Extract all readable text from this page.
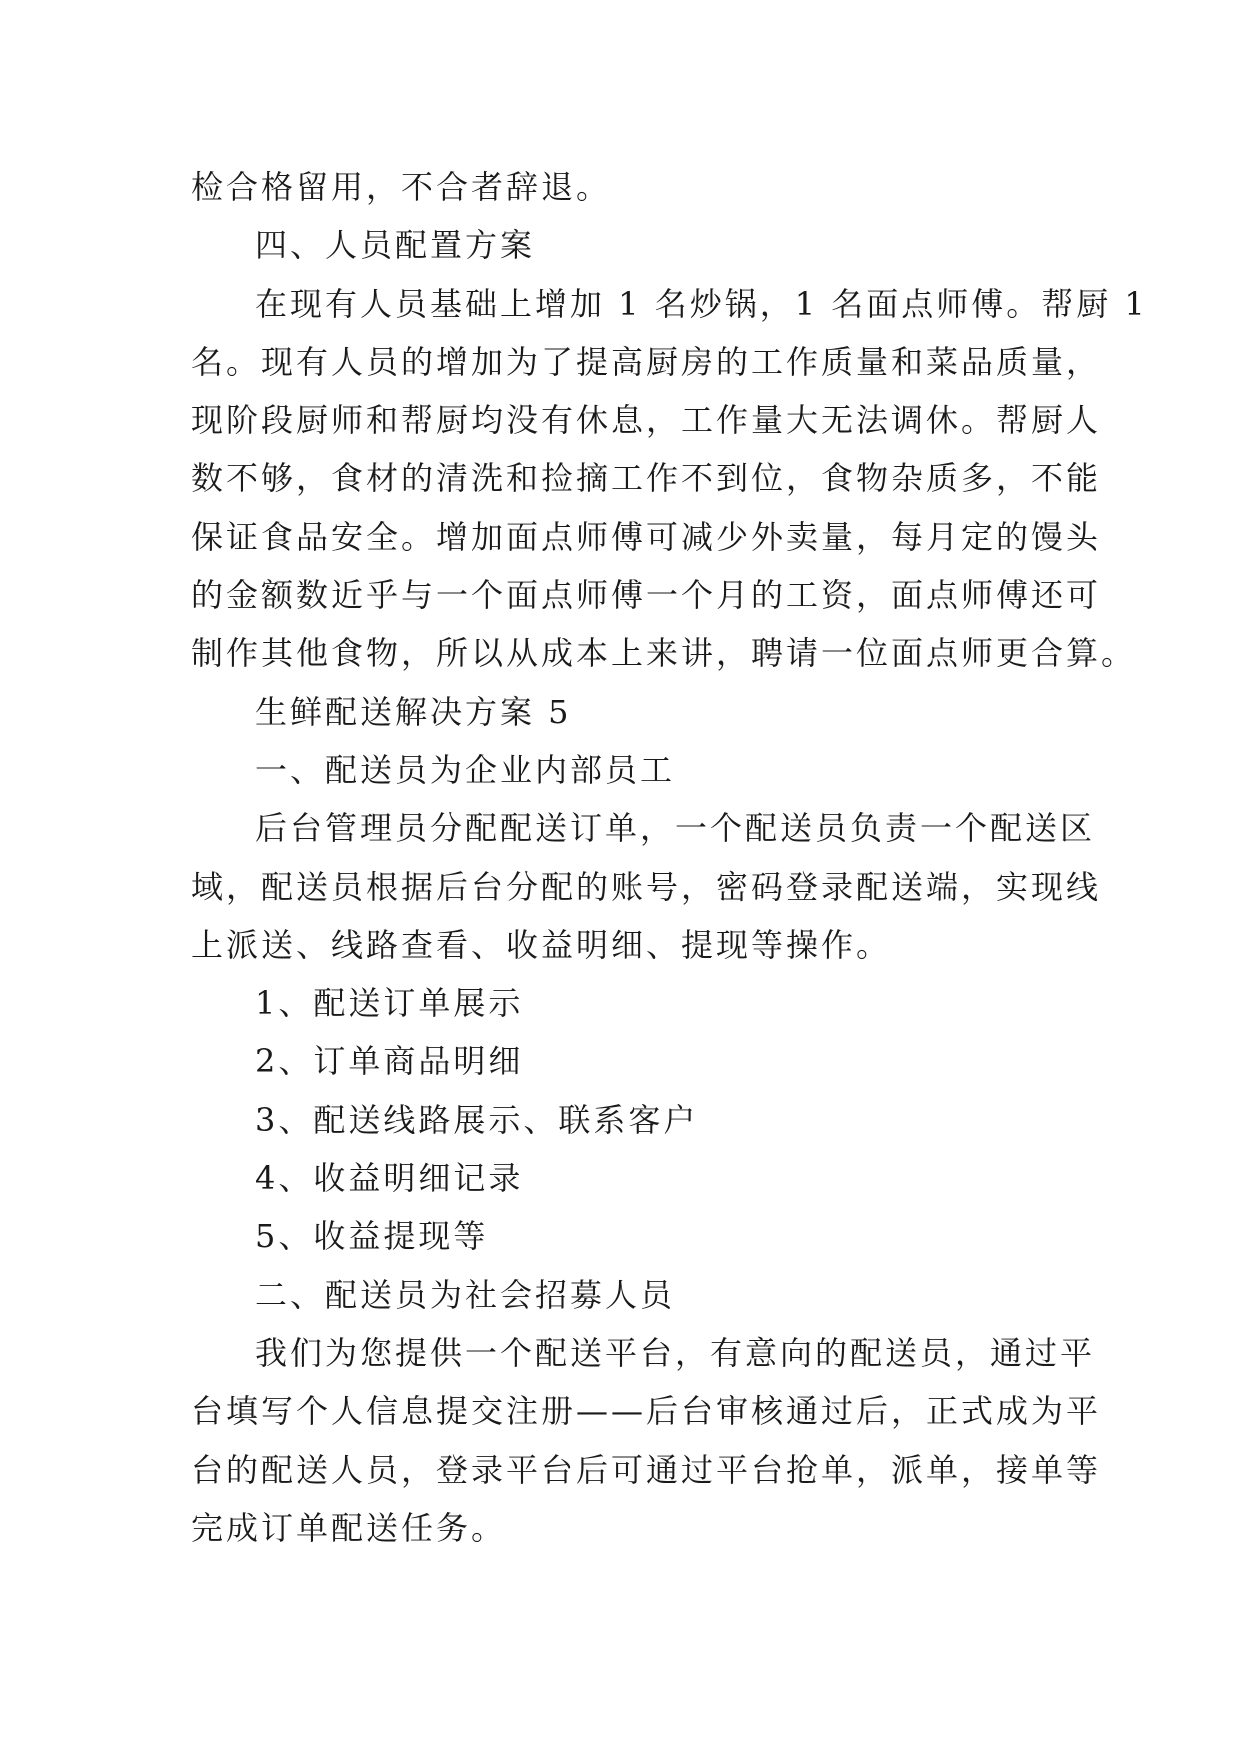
检合格留用，不合者辞退。
四、人员配置方案
在现有人员基础上增加 1 名炒锅，1 名面点师傅。帮厨 1
名。现有人员的增加为了提高厨房的工作质量和菜品质量，
现阶段厨师和帮厨均没有休息，工作量大无法调休。帮厨人
数不够，食材的清洗和捡摘工作不到位，食物杂质多，不能
保证食品安全。增加面点师傅可减少外卖量，每月定的馒头
的金额数近乎与一个面点师傅一个月的工资，面点师傅还可
制作其他食物，所以从成本上来讲，聘请一位面点师更合算。
生鲜配送解决方案 5
一、配送员为企业内部员工
后台管理员分配配送订单，一个配送员负责一个配送区
域，配送员根据后台分配的账号，密码登录配送端，实现线
上派送、线路查看、收益明细、提现等操作。
1、配送订单展示
2、订单商品明细
3、配送线路展示、联系客户
4、收益明细记录
5、收益提现等
二、配送员为社会招募人员
我们为您提供一个配送平台，有意向的配送员，通过平
台填写个人信息提交注册——后台审核通过后，正式成为平
台的配送人员，登录平台后可通过平台抢单，派单，接单等
完成订单配送任务。
